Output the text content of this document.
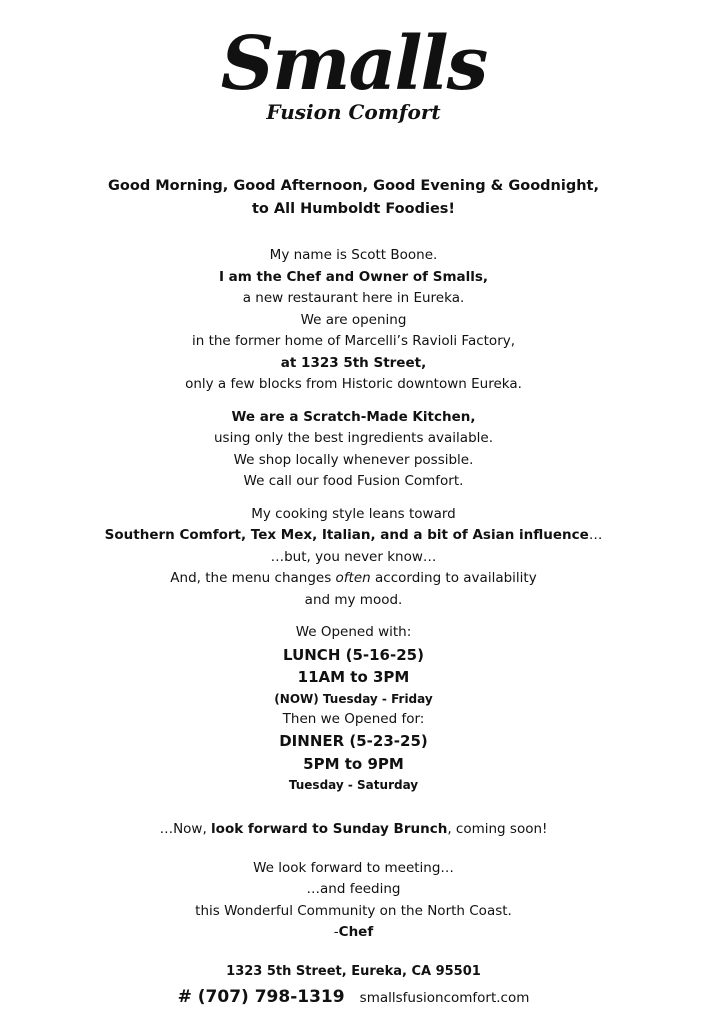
Smalls
Fusion Comfort
Good Morning, Good Afternoon, Good Evening & Goodnight,
to All Humboldt Foodies!
My name is Scott Boone.
I am the Chef and Owner of Smalls,
a new restaurant here in Eureka.
We are opening
in the former home of Marcelli’s Ravioli Factory,
at 1323 5th Street,
only a few blocks from Historic downtown Eureka.
We are a Scratch-Made Kitchen,
using only the best ingredients available.
We shop locally whenever possible.
We call our food Fusion Comfort.
My cooking style leans toward
Southern Comfort, Tex Mex, Italian, and a bit of Asian influence…
…but, you never know…
And, the menu changes often according to availability
and my mood.
We Opened with:
LUNCH (5-16-25)
11AM to 3PM
(NOW) Tuesday - Friday
Then we Opened for:
DINNER (5-23-25)
5PM to 9PM
Tuesday - Saturday
…Now, look forward to Sunday Brunch, coming soon!
We look forward to meeting…
…and feeding
this Wonderful Community on the North Coast.
-Chef
1323 5th Street, Eureka, CA 95501
# (707) 798-1319 smallsfusioncomfort.com
